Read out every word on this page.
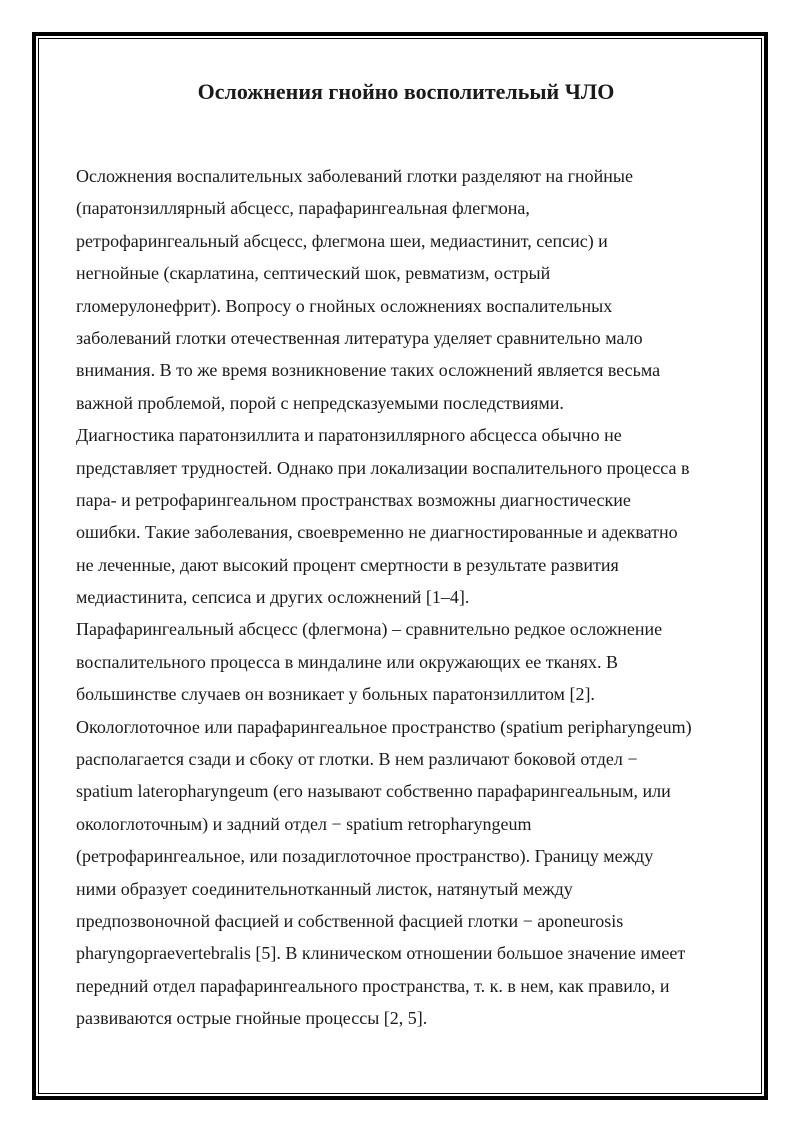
Осложнения гнойно восполительый ЧЛО
Осложнения воспалительных заболеваний глотки разделяют на гнойные
(паратонзиллярный абсцесс, парафарингеальная флегмона,
ретрофарингеальный абсцесс, флегмона шеи, медиастинит, сепсис) и
негнойные (скарлатина, септический шок, ревматизм, острый
гломерулонефрит). Вопросу о гнойных осложнениях воспалительных
заболеваний глотки отечественная литература уделяет сравнительно мало
внимания. В то же время возникновение таких осложнений является весьма
важной проблемой, порой с непредсказуемыми последствиями.
Диагностика паратонзиллита и паратонзиллярного абсцесса обычно не
представляет трудностей. Однако при локализации воспалительного процесса в
пара- и ретрофарингеальном пространствах возможны диагностические
ошибки. Такие заболевания, своевременно не диагностированные и адекватно
не леченные, дают высокий процент смертности в результате развития
медиастинита, сепсиса и других осложнений [1–4].
Парафарингеальный абсцесс (флегмона) – сравнительно редкое осложнение
воспалительного процесса в миндалине или окружающих ее тканях. В
большинстве случаев он возникает у больных паратонзиллитом [2].
Окологлоточное или парафарингеальное пространство (spatium peripharyngeum)
располагается сзади и сбоку от глотки. В нем различают боковой отдел −
spatium lateropharyngeum (его называют собственно парафарингеальным, или
окологлоточным) и задний отдел − spatium retropharyngeum
(ретрофарингеальное, или позадиглоточное пространство). Границу между
ними образует соединительнотканный листок, натянутый между
предпозвоночной фасцией и собственной фасцией глотки − aponeurosis
pharyngopraevertebralis [5]. В клиническом отношении большое значение имеет
передний отдел парафарингеального пространства, т. к. в нем, как правило, и
развиваются острые гнойные процессы [2, 5].
